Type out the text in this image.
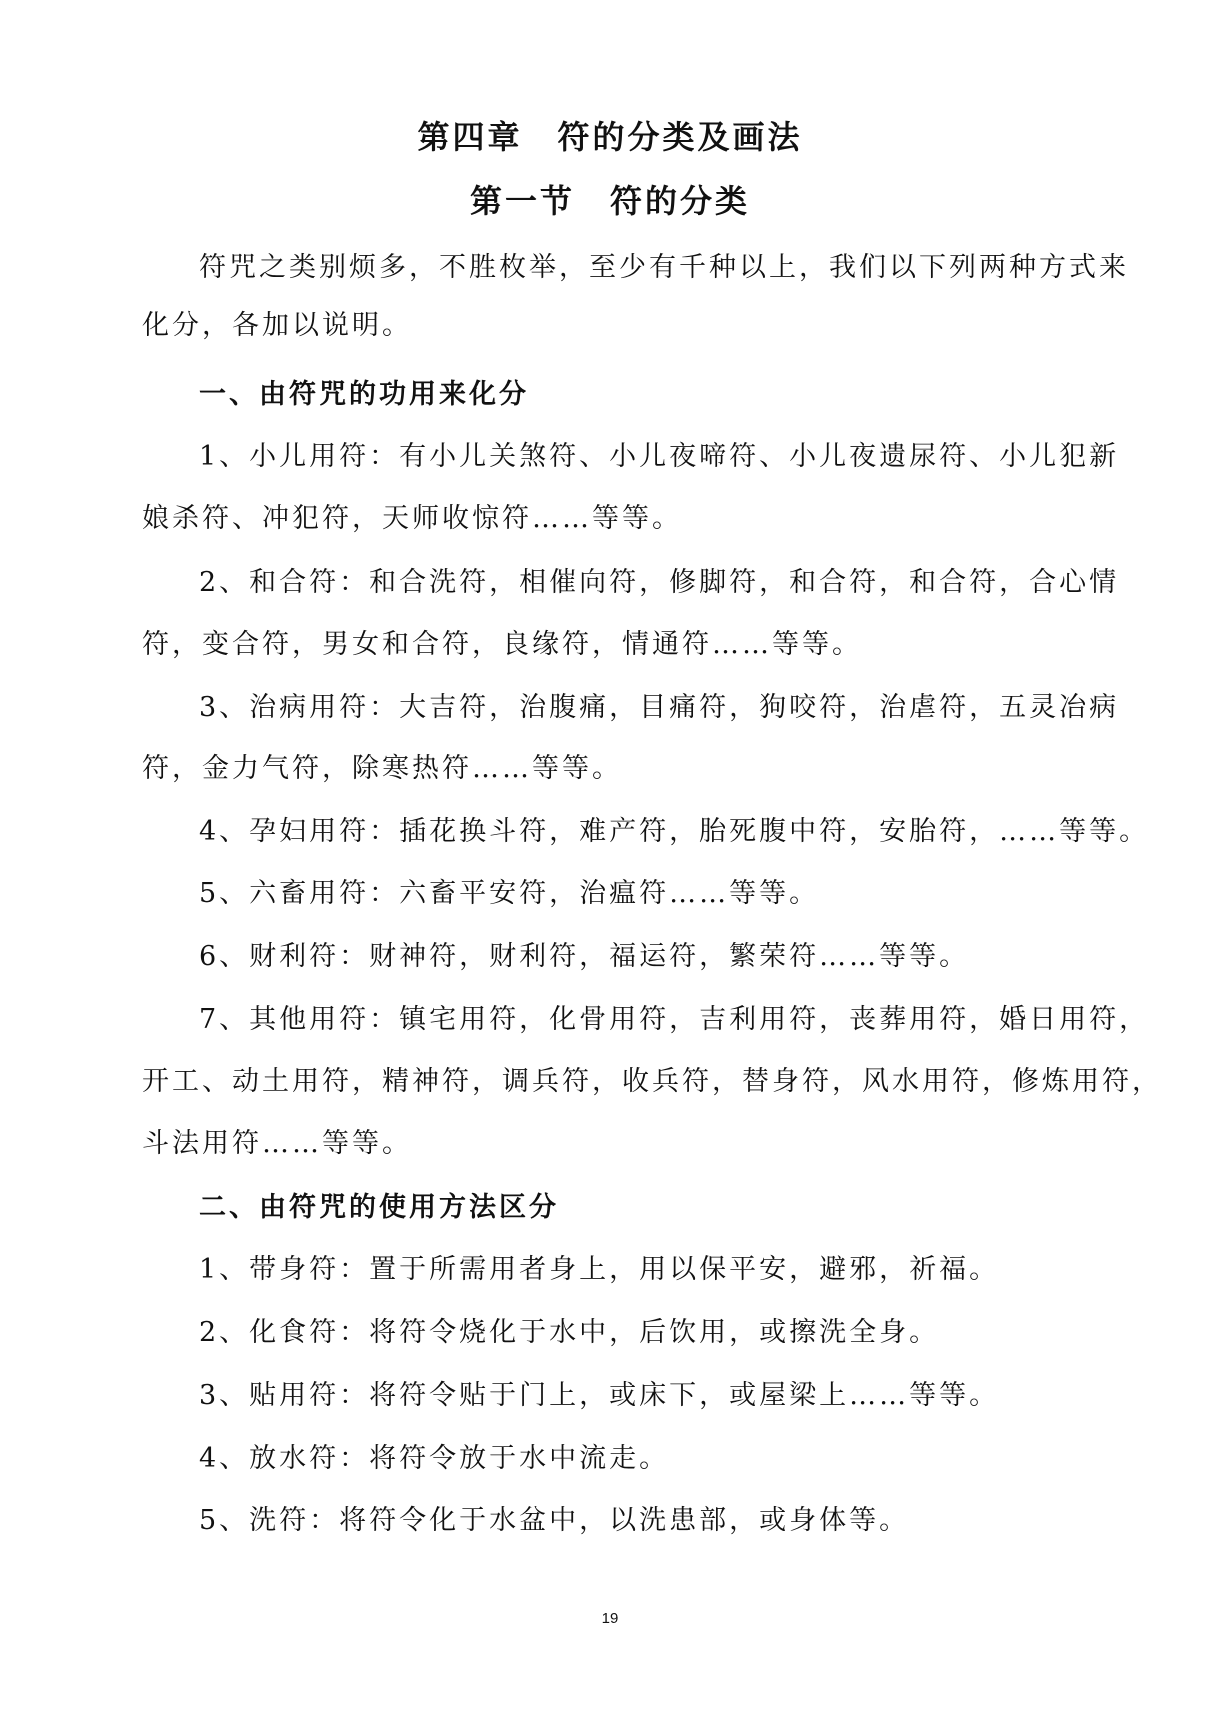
第四章　符的分类及画法
第一节　符的分类
符咒之类别烦多，不胜枚举，至少有千种以上，我们以下列两种方式来
化分，各加以说明。
一、由符咒的功用来化分
1、小儿用符：有小儿关煞符、小儿夜啼符、小儿夜遗尿符、小儿犯新
娘杀符、冲犯符，天师收惊符……等等。
2、和合符：和合洗符，相催向符，修脚符，和合符，和合符，合心情
符，变合符，男女和合符，良缘符，情通符……等等。
3、治病用符：大吉符，治腹痛，目痛符，狗咬符，治虐符，五灵冶病
符，金力气符，除寒热符……等等。
4、孕妇用符：插花换斗符，难产符，胎死腹中符，安胎符，……等等。
5、六畜用符：六畜平安符，治瘟符……等等。
6、财利符：财神符，财利符，福运符，繁荣符……等等。
7、其他用符：镇宅用符，化骨用符，吉利用符，丧葬用符，婚日用符，
开工、动土用符，精神符，调兵符，收兵符，替身符，风水用符，修炼用符，
斗法用符……等等。
二、由符咒的使用方法区分
1、带身符：置于所需用者身上，用以保平安，避邪，祈福。
2、化食符：将符令烧化于水中，后饮用，或擦洗全身。
3、贴用符：将符令贴于门上，或床下，或屋梁上……等等。
4、放水符：将符令放于水中流走。
5、洗符：将符令化于水盆中，以洗患部，或身体等。
19
